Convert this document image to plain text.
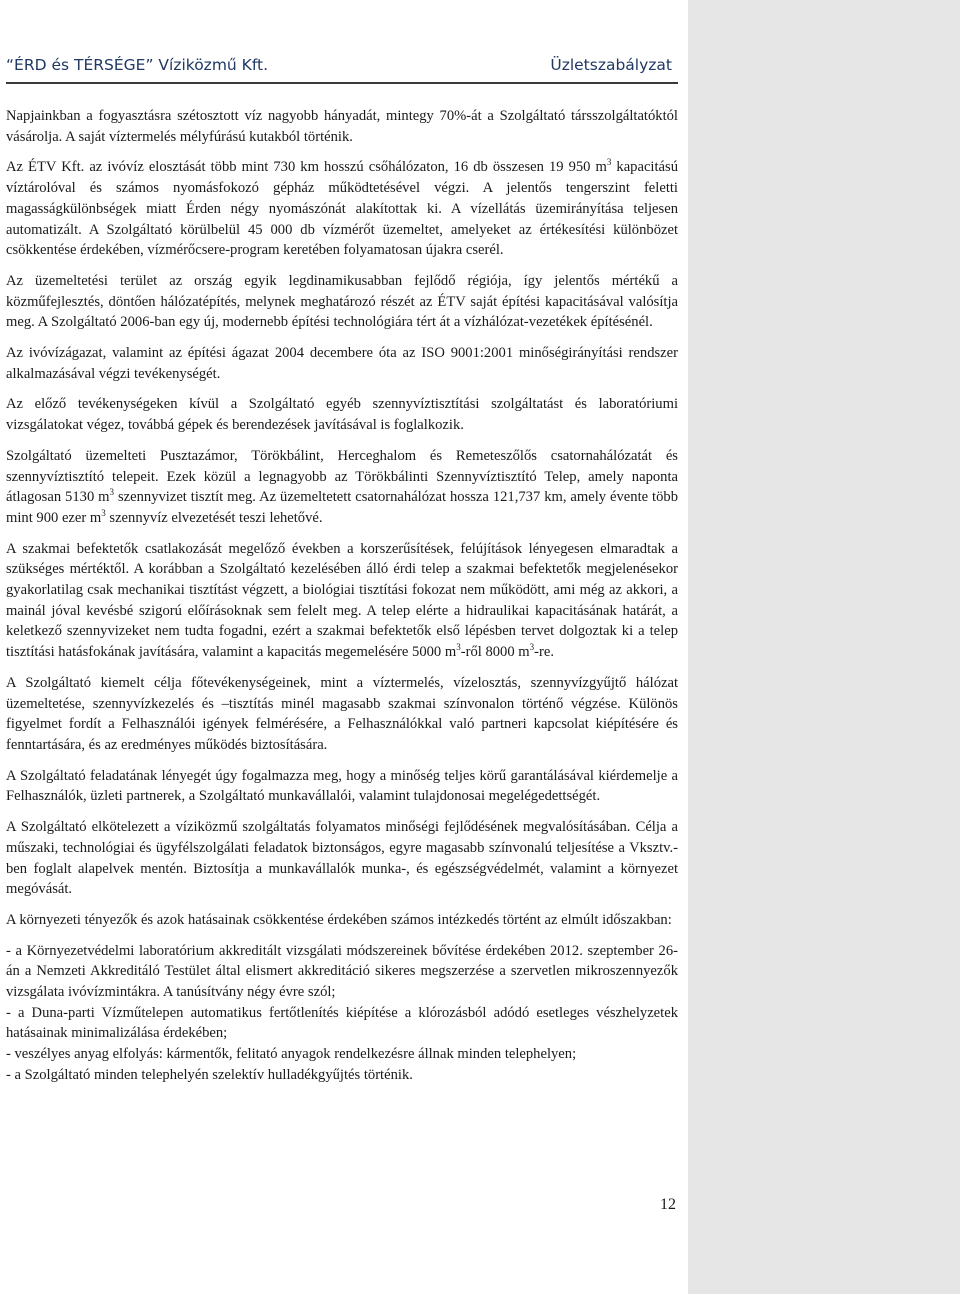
“ÉRD és TÉRSÉGE” Víziközmű Kft.	Üzletszabályzat

Napjainkban a fogyasztásra szétosztott víz nagyobb hányadát, mintegy 70%-át a Szolgáltató társszolgáltatóktól vásárolja. A saját víztermelés mélyfúrású kutakból történik.

Az ÉTV Kft. az ivóvíz elosztását több mint 730 km hosszú csőhálózaton, 16 db összesen 19 950 $m^3$ kapacitású víztárolóval és számos nyomásfokozó gépház működtetésével végzi. A jelentős tengerszint feletti magasságkülönbségek miatt Érden négy nyomászónát alakítottak ki. A vízellátás üzemirányítása teljesen automatizált. A Szolgáltató körülbelül 45 000 db vízmérőt üzemeltet, amelyeket az értékesítési különbözet csökkentése érdekében, vízmérőcsere-program keretében folyamatosan újakra cserél.

Az üzemeltetési terület az ország egyik legdinamikusabban fejlődő régiója, így jelentős mértékű a közműfejlesztés, döntően hálózatépítés, melynek meghatározó részét az ÉTV saját építési kapacitásával valósítja meg. A Szolgáltató 2006-ban egy új, modernebb építési technológiára tért át a vízhálózat-vezetékek építésénél.

Az ivóvízágazat, valamint az építési ágazat 2004 decembere óta az ISO 9001:2001 minőségirányítási rendszer alkalmazásával végzi tevékenységét.

Az előző tevékenységeken kívül a Szolgáltató egyéb szennyvíztisztítási szolgáltatást és laboratóriumi vizsgálatokat végez, továbbá gépek és berendezések javításával is foglalkozik.

Szolgáltató üzemelteti Pusztazámor, Törökbálint, Herceghalom és Remeteszőlős csatornahálózatát és szennyvíztisztító telepeit. Ezek közül a legnagyobb az Törökbálinti Szennyvíztisztító Telep, amely naponta átlagosan 5130 $m^3$ szennyvizet tisztít meg. Az üzemeltetett csatornahálózat hossza 121,737 km, amely évente több mint 900 ezer $m^3$ szennyvíz elvezetését teszi lehetővé.

A szakmai befektetők csatlakozását megelőző években a korszerűsítések, felújítások lényegesen elmaradtak a szükséges mértéktől. A korábban a Szolgáltató kezelésében álló érdi telep a szakmai befektetők megjelenésekor gyakorlatilag csak mechanikai tisztítást végzett, a biológiai tisztítási fokozat nem működött, ami még az akkori, a mainál jóval kevésbé szigorú előírásoknak sem felelt meg. A telep elérte a hidraulikai kapacitásának határát, a keletkező szennyvizeket nem tudta fogadni, ezért a szakmai befektetők első lépésben tervet dolgoztak ki a telep tisztítási hatásfokának javítására, valamint a kapacitás megemelésére 5000 $m^3$-ről 8000 $m^3-re$.

A Szolgáltató kiemelt célja főtevékenységeinek, mint a víztermelés, vízelosztás, szennyvízgyűjtő hálózat üzemeltetése, szennyvízkezelés és –tisztítás minél magasabb szakmai színvonalon történő végzése. Különös figyelmet fordít a Felhasználói igények felmérésére, a Felhasználókkal való partneri kapcsolat kiépítésére és fenntartására, és az eredményes működés biztosítására.

A Szolgáltató feladatának lényegét úgy fogalmazza meg, hogy a minőség teljes körű garantálásával kiérdemelje a Felhasználók, üzleti partnerek, a Szolgáltató munkavállalói, valamint tulajdonosai megelégedettségét.

A Szolgáltató elkötelezett a víziközmű szolgáltatás folyamatos minőségi fejlődésének megvalósításában. Célja a műszaki, technológiai és ügyfélszolgálati feladatok biztonságos, egyre magasabb színvonalú teljesítése a Vksztv.-ben foglalt alapelvek mentén. Biztosítja a munkavállalók munka-, és egészségvédelmét, valamint a környezet megóvását.

A környezeti tényezők és azok hatásainak csökkentése érdekében számos intézkedés történt az elmúlt időszakban:

- a Környezetvédelmi laboratórium akkreditált vizsgálati módszereinek bővítése érdekében 2012. szeptember 26-án a Nemzeti Akkreditáló Testület által elismert akkreditáció sikeres megszerzése a szervetlen mikroszennyezők vizsgálata ivóvízmintákra. A tanúsítvány négy évre szól;

- a Duna-parti Vízműtelepen automatikus fertőtlenítés kiépítése a klórozásból adódó esetleges vészhelyzetek hatásainak minimalizálása érdekében;

- veszélyes anyag elfolyás: kármentők, felitató anyagok rendelkezésre állnak minden telephelyen;

- a Szolgáltató minden telephelyén szelektív hulladékgyűjtés történik.

12
